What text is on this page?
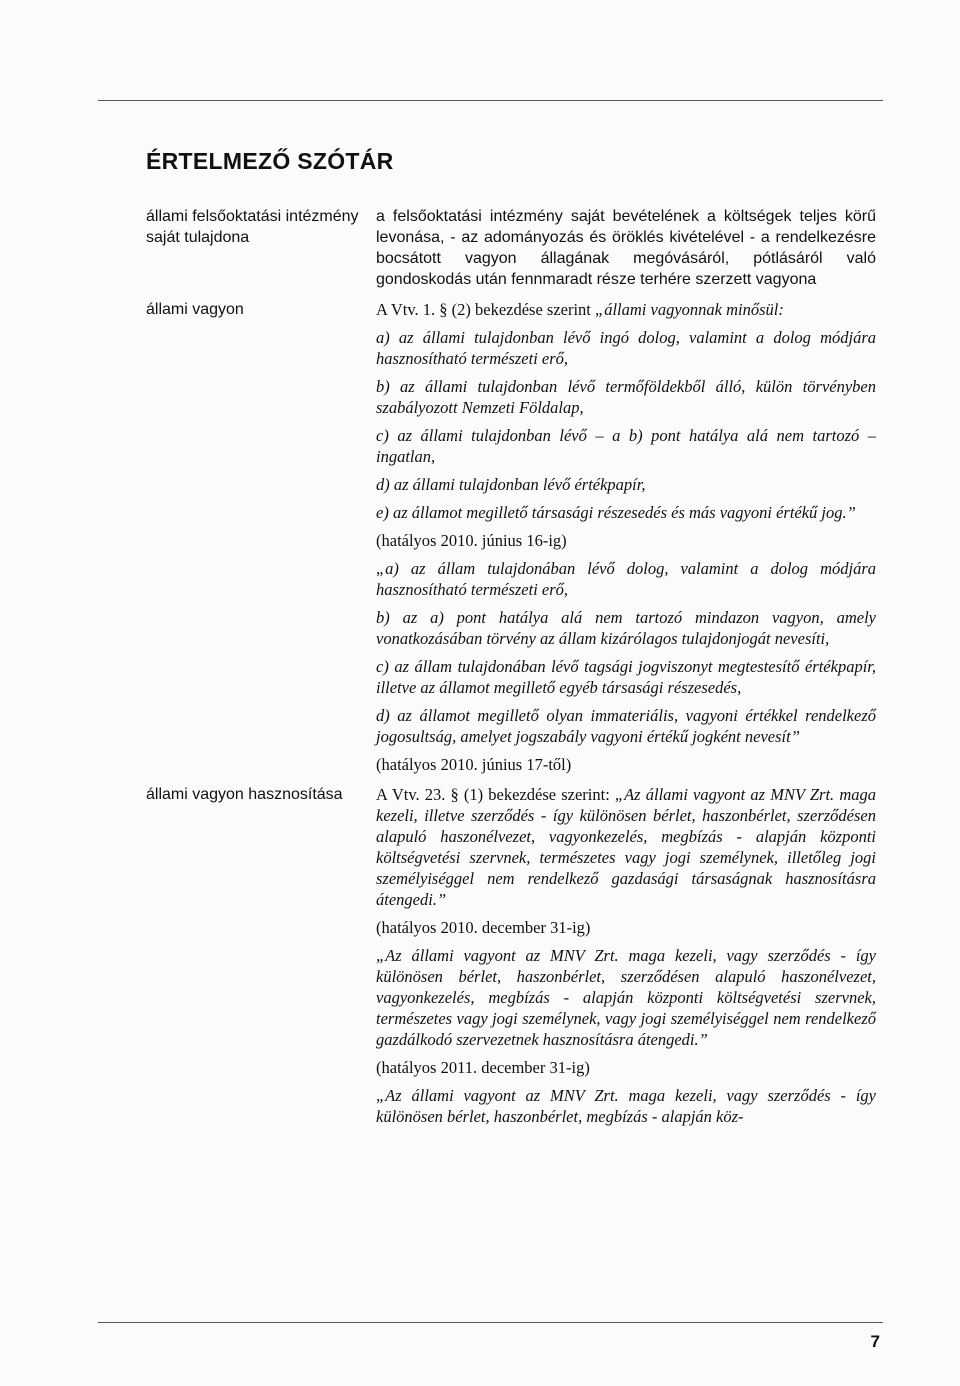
ÉRTELMEZŐ SZÓTÁR
állami felsőoktatási intézmény saját tulajdona

a felsőoktatási intézmény saját bevételének a költségek teljes körű levonása, - az adományozás és öröklés kivételével - a rendelkezésre bocsátott vagyon állagának megóvásáról, pótlásáról való gondoskodás után fennmaradt része terhére szerzett vagyona

állami vagyon	A Vtv. 1. § (2) bekezdése szerint „állami vagyonnak minősül:

a) az állami tulajdonban lévő ingó dolog, valamint a dolog módjára hasznosítható természeti erő,

b) az állami tulajdonban lévő termőföldekből álló, külön törvényben szabályozott Nemzeti Földalap,

c) az állami tulajdonban lévő – a b) pont hatálya alá nem tartozó – ingatlan,

d) az állami tulajdonban lévő értékpapír,

e) az államot megillető társasági részesedés és más vagyoni értékű jog.”

(hatályos 2010. június 16-ig)

„a) az állam tulajdonában lévő dolog, valamint a dolog módjára hasznosítható természeti erő,

b) az a) pont hatálya alá nem tartozó mindazon vagyon, amely vonatkozásában törvény az állam kizárólagos tulajdonjogát nevesíti,

c) az állam tulajdonában lévő tagsági jogviszonyt megtestesítő értékpapír, illetve az államot megillető egyéb társasági részesedés,

d) az államot megillető olyan immateriális, vagyoni értékkel rendelkező jogosultság, amelyet jogszabály vagyoni értékű jogként nevesít”

(hatályos 2010. június 17-től)

állami vagyon hasznosítása	A Vtv. 23. § (1) bekezdése szerint: „Az állami vagyont az MNV Zrt. maga kezeli, illetve szerződés - így különösen bérlet, haszonbérlet, szerződésen alapuló haszonélvezet, vagyonkezelés, megbízás - alapján központi költségvetési szervnek, természetes vagy jogi személynek, illetőleg jogi személyiséggel nem rendelkező gazdasági társaságnak hasznosításra átengedi.”

(hatályos 2010. december 31-ig)

„Az állami vagyont az MNV Zrt. maga kezeli, vagy szerződés - így különösen bérlet, haszonbérlet, szerződésen alapuló haszonélvezet, vagyonkezelés, megbízás - alapján központi költségvetési szervnek, természetes vagy jogi személynek, vagy jogi személyiséggel nem rendelkező gazdálkodó szervezetnek hasznosításra átengedi.”

(hatályos 2011. december 31-ig)

„Az állami vagyont az MNV Zrt. maga kezeli, vagy szerződés - így különösen bérlet, haszonbérlet, megbízás - alapján köz-

7
